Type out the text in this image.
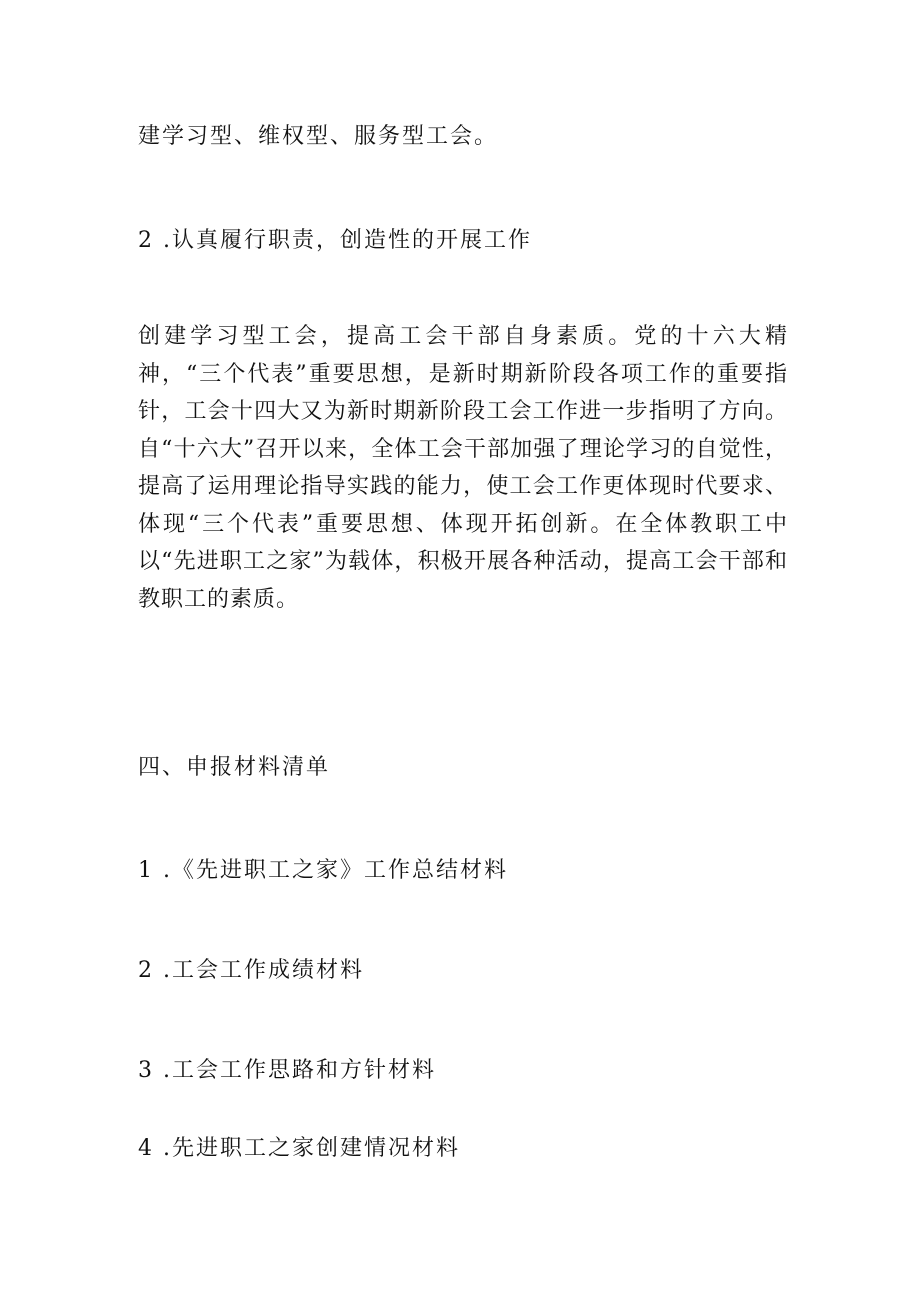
建学习型、维权型、服务型工会。
2 .认真履行职责，创造性的开展工作
创建学习型工会，提高工会干部自身素质。党的十六大精神，“三个代表”重要思想，是新时期新阶段各项工作的重要指针，工会十四大又为新时期新阶段工会工作进一步指明了方向。自“十六大”召开以来，全体工会干部加强了理论学习的自觉性，提高了运用理论指导实践的能力，使工会工作更体现时代要求、体现“三个代表”重要思想、体现开拓创新。在全体教职工中以“先进职工之家”为载体，积极开展各种活动，提高工会干部和教职工的素质。
四、申报材料清单
1 .《先进职工之家》工作总结材料
2 .工会工作成绩材料
3 .工会工作思路和方针材料
4 .先进职工之家创建情况材料
